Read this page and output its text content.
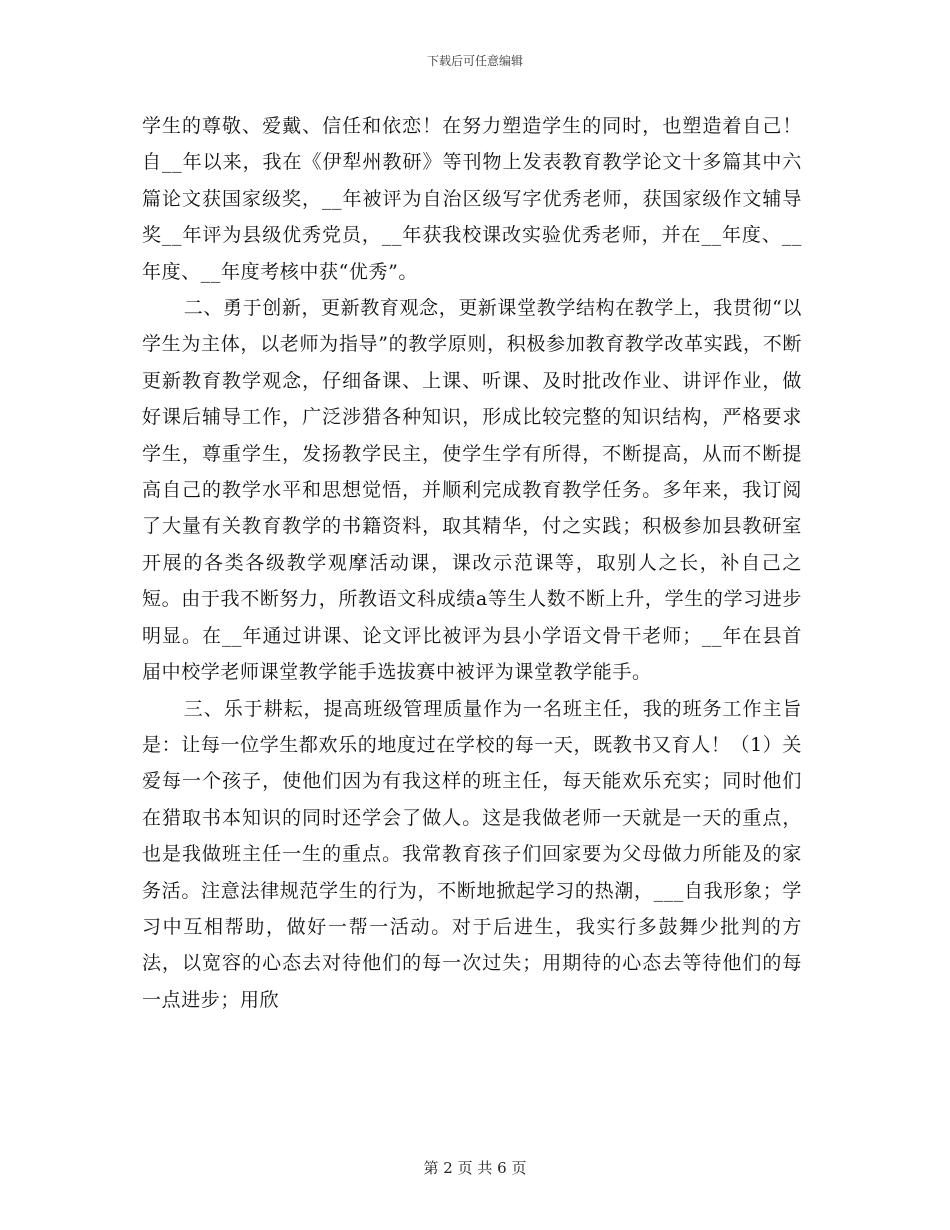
下载后可任意编辑

学生的尊敬、爱戴、信任和依恋！在努力塑造学生的同时，也塑造着自己！自__年以来，我在《伊犁州教研》等刊物上发表教育教学论文十多篇其中六篇论文获国家级奖，__年被评为自治区级写字优秀老师，获国家级作文辅导奖__年评为县级优秀党员，__年获我校课改实验优秀老师，并在__年度、__年度、__年度考核中获“优秀”。

二、勇于创新，更新教育观念，更新课堂教学结构在教学上，我贯彻“以学生为主体，以老师为指导”的教学原则，积极参加教育教学改革实践，不断更新教育教学观念，仔细备课、上课、听课、及时批改作业、讲评作业，做好课后辅导工作，广泛涉猎各种知识，形成比较完整的知识结构，严格要求学生，尊重学生，发扬教学民主，使学生学有所得，不断提高，从而不断提高自己的教学水平和思想觉悟，并顺利完成教育教学任务。多年来，我订阅了大量有关教育教学的书籍资料，取其精华，付之实践；积极参加县教研室开展的各类各级教学观摩活动课，课改示范课等，取别人之长，补自己之短。由于我不断努力，所教语文科成绩a等生人数不断上升，学生的学习进步明显。在__年通过讲课、论文评比被评为县小学语文骨干老师；__年在县首届中校学老师课堂教学能手选拔赛中被评为课堂教学能手。

三、乐于耕耘，提高班级管理质量作为一名班主任，我的班务工作主旨是：让每一位学生都欢乐的地度过在学校的每一天，既教书又育人！（1）关爱每一个孩子，使他们因为有我这样的班主任，每天能欢乐充实；同时他们在猎取书本知识的同时还学会了做人。这是我做老师一天就是一天的重点，也是我做班主任一生的重点。我常教育孩子们回家要为父母做力所能及的家务活。注意法律规范学生的行为，不断地掀起学习的热潮，___自我形象；学习中互相帮助，做好一帮一活动。对于后进生，我实行多鼓舞少批判的方法，以宽容的心态去对待他们的每一次过失；用期待的心态去等待他们的每一点进步；用欣

第 2 页 共 6 页
